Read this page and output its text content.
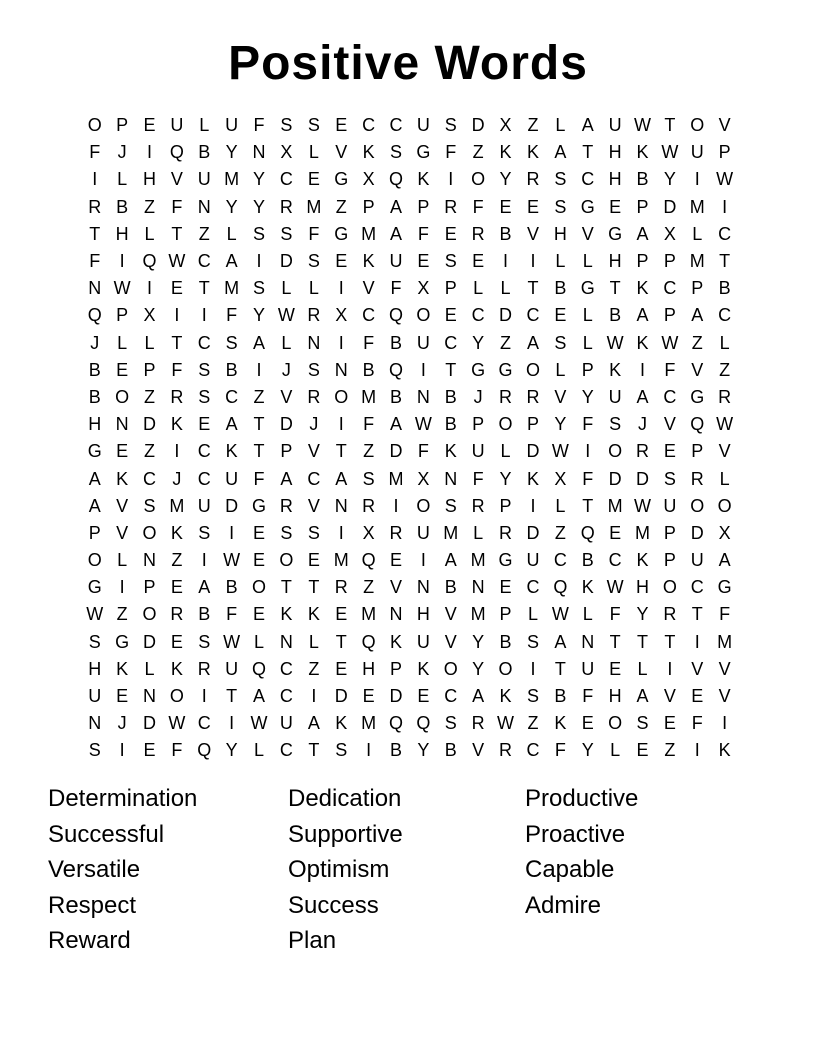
Positive Words
O P E U L U F S S E C C U S D X Z L A U W T O V
F J	I Q B Y N X L V K S G F Z K K A T H K W U P
I	L H V U M Y C E G X Q K	I O Y R S C H B Y	I W
R B Z F N Y Y R M Z P A P R F E E S G E P D M I
T H L T Z L S S F G M A F E R B V H V G A X L C
F	I Q W C A	I	D S E K U E S E	I	I	L L H P P M T
N W I	E T M S L L	I	V F X P L L T B G T K C P B
Q P X	I	I	F Y W R X C Q O E C D C E L B A P A C
J L L T C S A L N	I	F B U C Y Z A S L W K W Z L
B E P F S B	I	J S N B Q I	T G G O L P K	I	F V Z
B O Z R S C Z V R O M B N B J R R V Y U A C G R
H N D K E A T D J	I	F A W B P O P Y F S J V Q W
G E Z	I	C K T P V T Z D F K U L D W I O R E P V
A K C J C U F A C A S M X N F Y K X F D D S R L
A V S M U D G R V N R	I O S R P	I	L T M W U O O
P V O K S	I	E S S	I	X R U M L R D Z Q E M P D X
O L N Z	I W E O E M Q E	I	A M G U C B C K P U A
G I	P E A B O T T R Z V N B N E C Q K W H O C G
W Z O R B F E K K E M N H V M P L W L F Y R T F
S G D E S W L N L T Q K U V Y B S A N T T T	I M
H K L K R U Q C Z E H P K O Y O I	T U E L	I	V V
U E N O I	T A C	I	D E D E C A K S B F H A V E V
N J D W C	I W U A K M Q Q S R W Z K E O S E F	I
S	I	E F Q Y L C T S	I	B Y B V R C F Y L E Z	I	K
Determination
Successful
Versatile
Respect
Reward
Dedication
Supportive
Optimism
Success
Plan
Productive
Proactive
Capable
Admire
